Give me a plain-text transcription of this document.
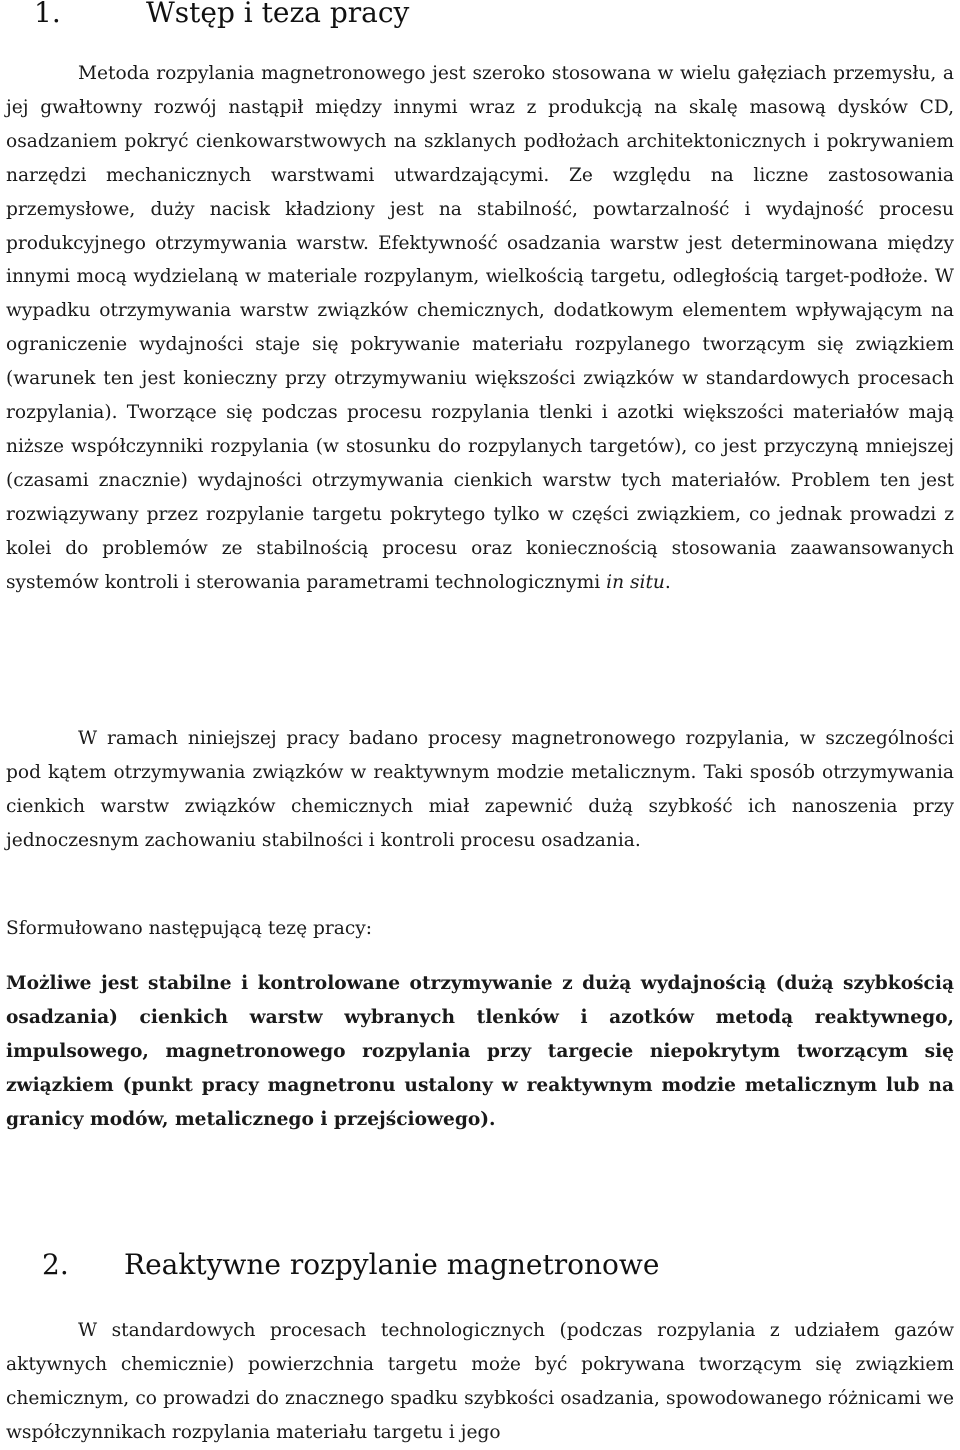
1.	Wstęp i teza pracy

Metoda rozpylania magnetronowego jest szeroko stosowana w wielu gałęziach przemysłu, a jej gwałtowny rozwój nastąpił między innymi wraz z produkcją na skalę masową dysków CD, osadzaniem pokryć cienkowarstwowych na szklanych podłożach architektonicznych i pokrywaniem narzędzi mechanicznych warstwami utwardzającymi. Ze względu na liczne zastosowania przemysłowe, duży nacisk kładziony jest na stabilność, powtarzalność i wydajność procesu produkcyjnego otrzymywania warstw. Efektywność osadzania warstw jest determinowana między innymi mocą wydzielaną w materiale rozpylanym, wielkością targetu, odległością target-podłoże. W wypadku otrzymywania warstw związków chemicznych, dodatkowym elementem wpływającym na ograniczenie wydajności staje się pokrywanie materiału rozpylanego tworzącym się związkiem (warunek ten jest konieczny przy otrzymywaniu większości związków w standardowych procesach rozpylania). Tworzące się podczas procesu rozpylania tlenki i azotki większości materiałów mają niższe współczynniki rozpylania (w stosunku do rozpylanych targetów), co jest przyczyną mniejszej (czasami znacznie) wydajności otrzymywania cienkich warstw tych materiałów. Problem ten jest rozwiązywany przez rozpylanie targetu pokrytego tylko w części związkiem, co jednak prowadzi z kolei do problemów ze stabilnością procesu oraz koniecznością stosowania zaawansowanych systemów kontroli i sterowania parametrami technologicznymi in situ.

W ramach niniejszej pracy badano procesy magnetronowego rozpylania, w szczególności pod kątem otrzymywania związków w reaktywnym modzie metalicznym. Taki sposób otrzymywania cienkich warstw związków chemicznych miał zapewnić dużą szybkość ich nanoszenia przy jednoczesnym zachowaniu stabilności i kontroli procesu osadzania.

Sformułowano następującą tezę pracy:

Możliwe jest stabilne i kontrolowane otrzymywanie z dużą wydajnością (dużą szybkością osadzania) cienkich warstw wybranych tlenków i azotków metodą reaktywnego, impulsowego, magnetronowego rozpylania przy targecie niepokrytym tworzącym się związkiem (punkt pracy magnetronu ustalony w reaktywnym modzie metalicznym lub na granicy modów, metalicznego i przejściowego).

2.	Reaktywne rozpylanie magnetronowe

W standardowych procesach technologicznych (podczas rozpylania z udziałem gazów aktywnych chemicznie) powierzchnia targetu może być pokrywana tworzącym się związkiem chemicznym, co prowadzi do znacznego spadku szybkości osadzania, spowodowanego różnicami we współczynnikach rozpylania materiału targetu i jego
